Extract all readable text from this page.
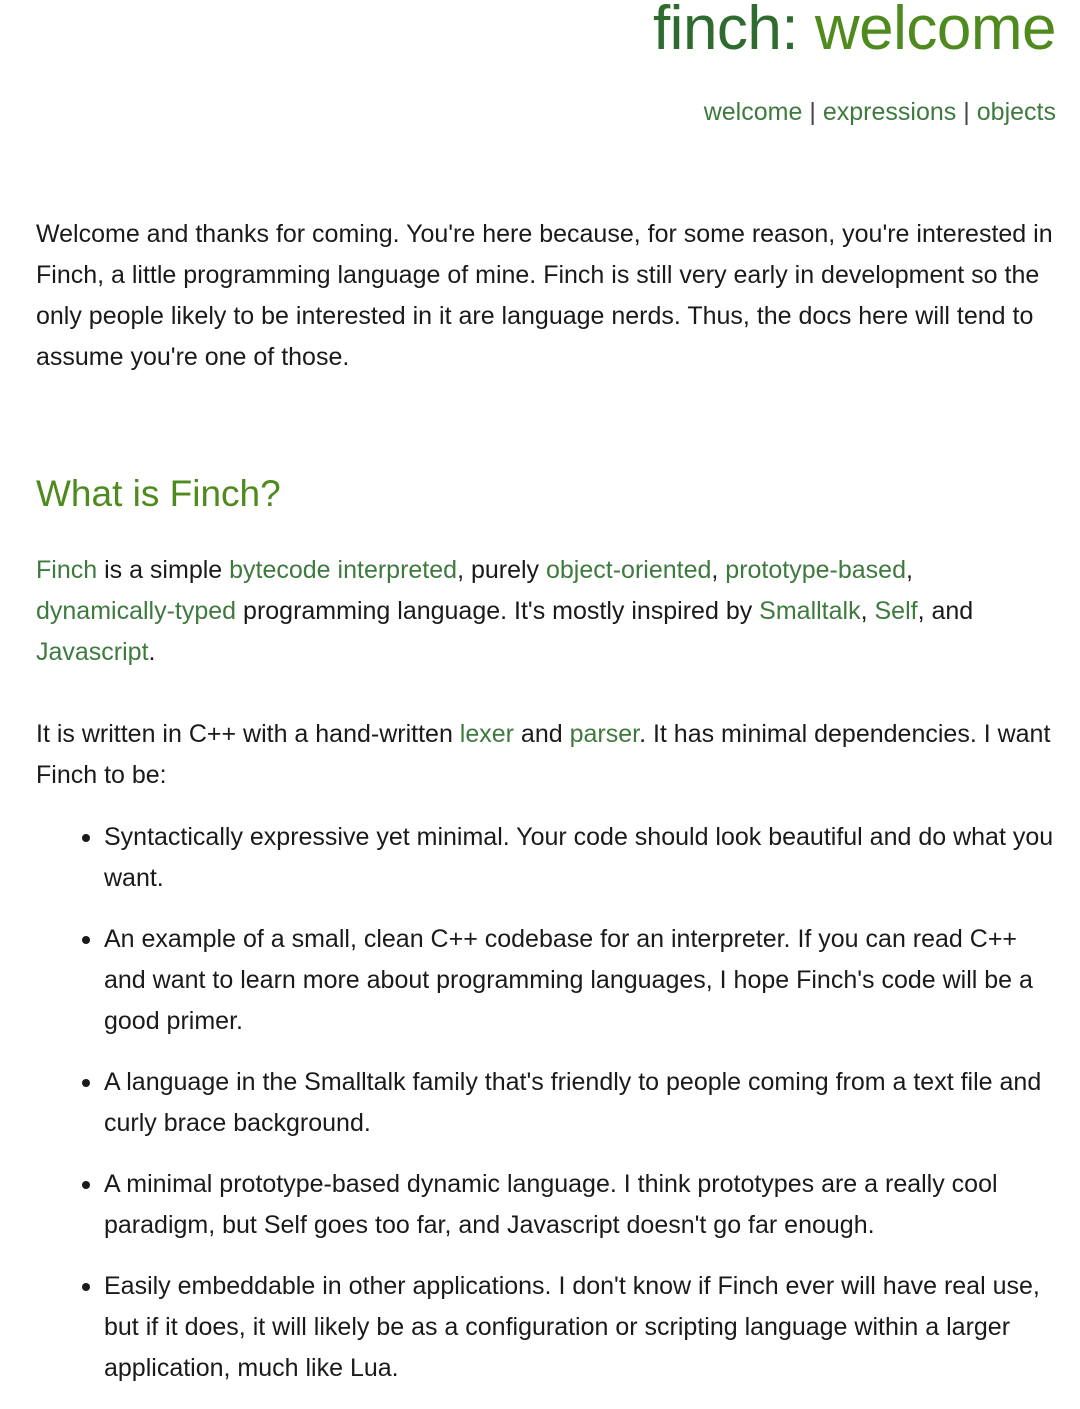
finch: welcome
welcome | expressions | objects

Welcome and thanks for coming. You're here because, for some reason, you're interested in Finch, a little programming language of mine. Finch is still very early in development so the only people likely to be interested in it are language nerds. Thus, the docs here will tend to assume you're one of those.

What is Finch?

Finch is a simple bytecode interpreted, purely object-oriented, prototype-based,
dynamically-typed programming language. It's mostly inspired by Smalltalk, Self, and
Javascript.

It is written in C++ with a hand-written lexer and parser. It has minimal dependencies. I want Finch to be:

Syntactically expressive yet minimal. Your code should look beautiful and do what you want.
An example of a small, clean C++ codebase for an interpreter. If you can read C++ and want to learn more about programming languages, I hope Finch's code will be a good primer.
A language in the Smalltalk family that's friendly to people coming from a text file and curly brace background.
A minimal prototype-based dynamic language. I think prototypes are a really cool paradigm, but Self goes too far, and Javascript doesn't go far enough.
Easily embeddable in other applications. I don't know if Finch ever will have real use, but if it does, it will likely be as a configuration or scripting language within a larger application, much like Lua.
